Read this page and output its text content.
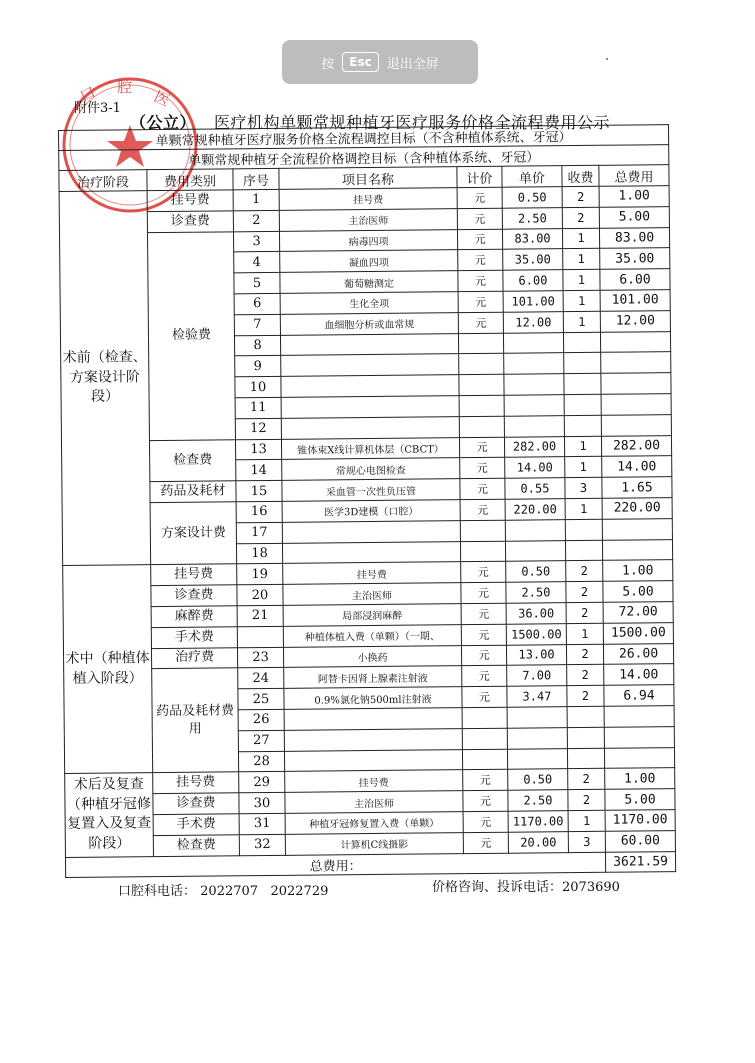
按	Esc	退出全屏
口 腔
医
附件3-1
（公立） 医疗机构单颗常规种植牙医疗服务价格全流程费用公示
单颗常规种植牙医疗服务价格全流程调控目标（不含种植体系统、牙冠）							
单颗常规种植牙全流程价格调控目标（含种植体系统、牙冠）							
治疗阶段	费用类别	序号	项目名称	计价	单价	收费	总费用
术前（检查、方案设计阶段）	挂号费	1	挂号费	元	0.50	2	1.00
	诊查费	2	主治医师	元	2.50	2	5.00
	检验费	3	病毒四项	元	83.00	1	83.00
		4	凝血四项	元	35.00	1	35.00
		5	葡萄糖测定	元	6.00	1	6.00
		6	生化全项	元	101.00	1	101.00
		7	血细胞分析或血常规	元	12.00	1	12.00
		8					
		9					
		10					
		11					
		12					
	检查费	13	锥体束X线计算机体层（CBCT）	元	282.00	1	282.00
		14	常规心电图检查	元	14.00	1	14.00
	药品及耗材	15	采血管一次性负压管	元	0.55	3	1.65
	方案设计费	16	医学3D建模（口腔）	元	220.00	1	220.00
		17					
		18					
术中（种植体植入阶段）	挂号费	19	挂号费	元	0.50	2	1.00
	诊查费	20	主治医师	元	2.50	2	5.00
	麻醉费	21	局部浸润麻醉	元	36.00	2	72.00
	手术费		种植体植入费（单颗）（一期、	元	1500.00	1	1500.00
	治疗费	23	小换药	元	13.00	2	26.00
	药品及耗材费用	24	阿替卡因肾上腺素注射液	元	7.00	2	14.00
		25	0.9%氯化钠500ml注射液	元	3.47	2	6.94
		26					
		27					
		28					
术后及复查（种植牙冠修复置入及复查阶段）	挂号费	29	挂号费	元	0.50	2	1.00
	诊查费	30	主治医师	元	2.50	2	5.00
	手术费	31	种植牙冠修复置入费（单颗）	元	1170.00	1	1170.00
	检查费	32	计算机C线摄影	元	20.00	3	60.00
总费用：							3621.59
口腔科电话： 2022707 2022729	价格咨询、投诉电话：2073690
